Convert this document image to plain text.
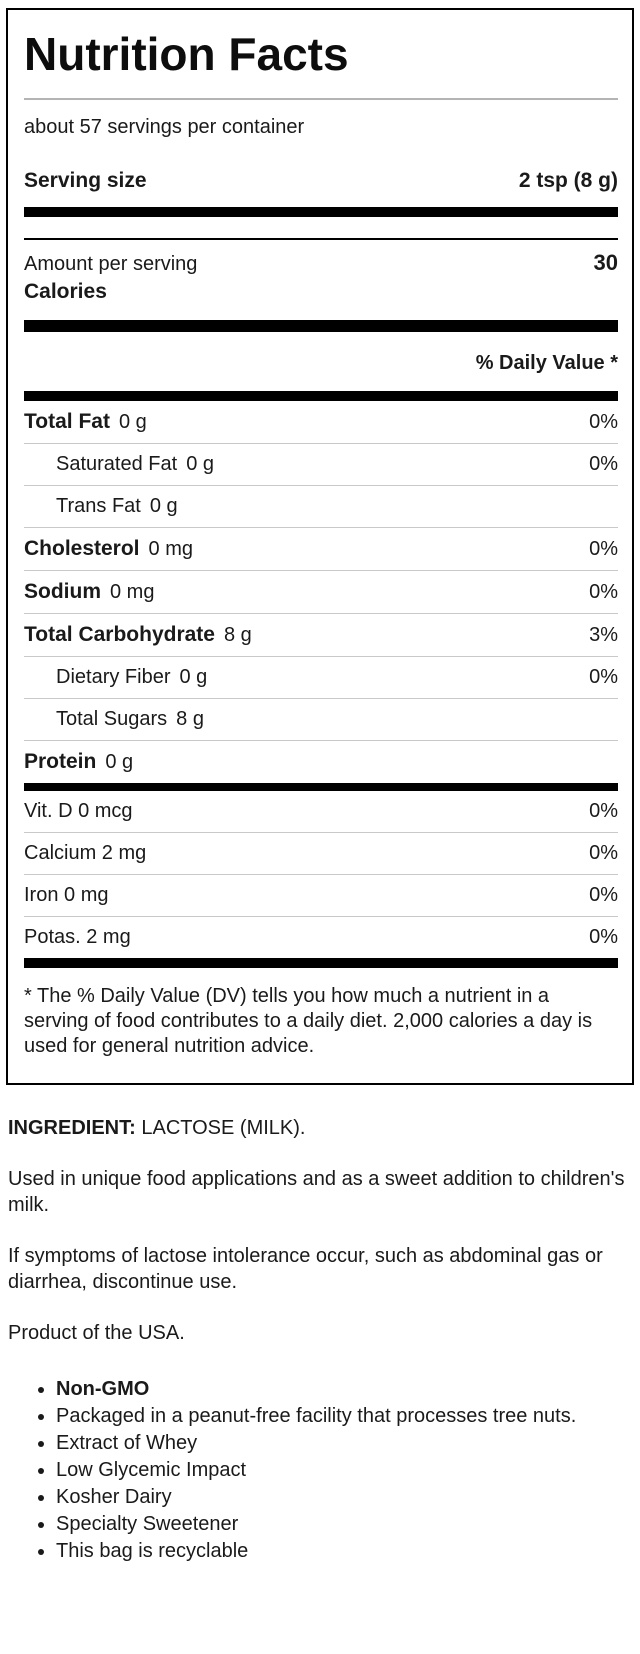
Nutrition Facts
about 57 servings per container
Serving size	2 tsp (8 g)
Amount per serving	30
Calories
% Daily Value *
Total Fat 0 g	0%
Saturated Fat 0 g	0%
Trans Fat 0 g
Cholesterol 0 mg	0%
Sodium 0 mg	0%
Total Carbohydrate 8 g	3%
Dietary Fiber 0 g	0%
Total Sugars 8 g
Protein 0 g
Vit. D 0 mcg	0%
Calcium 2 mg	0%
Iron 0 mg	0%
Potas. 2 mg	0%

* The % Daily Value (DV) tells you how much a nutrient in a serving of food contributes to a daily diet. 2,000 calories a day is used for general nutrition advice.

INGREDIENT: LACTOSE (MILK).

Used in unique food applications and as a sweet addition to children's milk.

If symptoms of lactose intolerance occur, such as abdominal gas or diarrhea, discontinue use.

Product of the USA.

• Non-GMO
• Packaged in a peanut-free facility that processes tree nuts.
• Extract of Whey
• Low Glycemic Impact
• Kosher Dairy
• Specialty Sweetener
• This bag is recyclable
